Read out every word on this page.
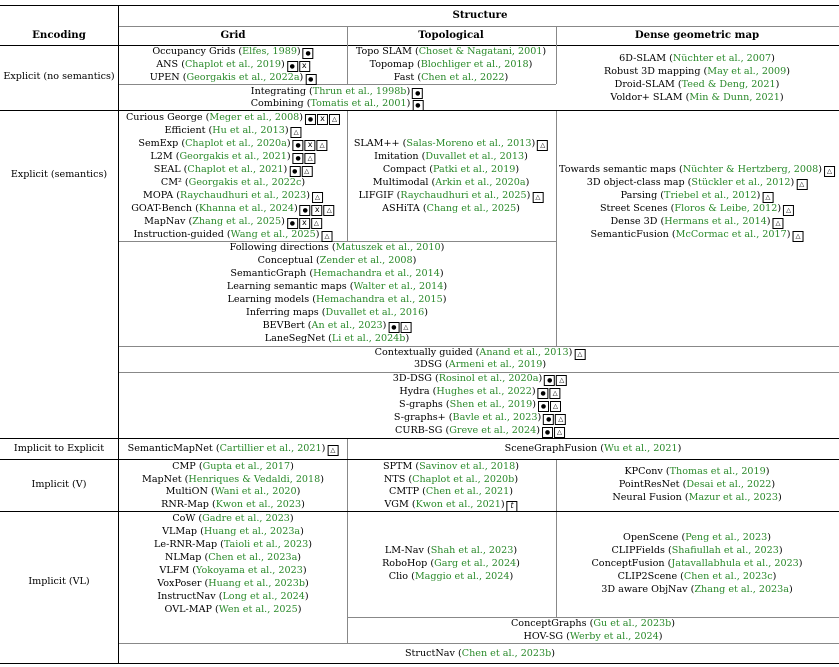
Structure
Encoding	Grid	Topological	Dense geometric map
Explicit (no semantics)
Explicit (semantics)
Implicit to Explicit
Implicit (V)
Implicit (VL)
Occupancy Grids (Elfes, 1989)●
ANS (Chaplot et al., 2019)●x
UPEN (Georgakis et al., 2022a)●
Topo SLAM (Choset & Nagatani, 2001)
Topomap (Blochliger et al., 2018)
Fast (Chen et al., 2022)
6D-SLAM (Nüchter et al., 2007)
Robust 3D mapping (May et al., 2009)
Droid-SLAM (Teed & Deng, 2021)
Voldor+ SLAM (Min & Dunn, 2021)
Integrating (Thrun et al., 1998b)●
Combining (Tomatis et al., 2001)●
Curious George (Meger et al., 2008)●x△
Efficient (Hu et al., 2013)△
SemExp (Chaplot et al., 2020a)●x△
L2M (Georgakis et al., 2021)●△
SEAL (Chaplot et al., 2021)●△
CM² (Georgakis et al., 2022c)
MOPA (Raychaudhuri et al., 2023)△
GOAT-Bench (Khanna et al., 2024)●x△
MapNav (Zhang et al., 2025)●x△
Instruction-guided (Wang et al., 2025)△
SLAM++ (Salas-Moreno et al., 2013)△
Imitation (Duvallet et al., 2013)
Compact (Patki et al., 2019)
Multimodal (Arkin et al., 2020a)
LIFGIF (Raychaudhuri et al., 2025)△
ASHiTA (Chang et al., 2025)
Towards semantic maps (Nüchter & Hertzberg, 2008)△
3D object-class map (Stückler et al., 2012)△
Parsing (Triebel et al., 2012)△
Street Scenes (Floros & Leibe, 2012)△
Dense 3D (Hermans et al., 2014)△
SemanticFusion (McCormac et al., 2017)△
Following directions (Matuszek et al., 2010)
Conceptual (Zender et al., 2008)
SemanticGraph (Hemachandra et al., 2014)
Learning semantic maps (Walter et al., 2014)
Learning models (Hemachandra et al., 2015)
Inferring maps (Duvallet et al., 2016)
BEVBert (An et al., 2023)●△
LaneSegNet (Li et al., 2024b)
Contextually guided (Anand et al., 2013)△
3DSG (Armeni et al., 2019)
3D-DSG (Rosinol et al., 2020a)●△
Hydra (Hughes et al., 2022)●△
S-graphs (Shen et al., 2019)●△
S-graphs+ (Bavle et al., 2023)●△
CURB-SG (Greve et al., 2024)●△
SemanticMapNet (Cartillier et al., 2021)△	SceneGraphFusion (Wu et al., 2021)
CMP (Gupta et al., 2017)
MapNet (Henriques & Vedaldi, 2018)
MultiON (Wani et al., 2020)
RNR-Map (Kwon et al., 2023)
SPTM (Savinov et al., 2018)
NTS (Chaplot et al., 2020b)
CMTP (Chen et al., 2021)
VGM (Kwon et al., 2021)t
KPConv (Thomas et al., 2019)
PointResNet (Desai et al., 2022)
Neural Fusion (Mazur et al., 2023)
CoW (Gadre et al., 2023)
VLMap (Huang et al., 2023a)
Le-RNR-Map (Taioli et al., 2023)
NLMap (Chen et al., 2023a)
VLFM (Yokoyama et al., 2023)
VoxPoser (Huang et al., 2023b)
InstructNav (Long et al., 2024)
OVL-MAP (Wen et al., 2025)
LM-Nav (Shah et al., 2023)
RoboHop (Garg et al., 2024)
Clio (Maggio et al., 2024)
OpenScene (Peng et al., 2023)
CLIPFields (Shafiullah et al., 2023)
ConceptFusion (Jatavallabhula et al., 2023)
CLIP2Scene (Chen et al., 2023c)
3D aware ObjNav (Zhang et al., 2023a)
ConceptGraphs (Gu et al., 2023b)
HOV-SG (Werby et al., 2024)
StructNav (Chen et al., 2023b)
